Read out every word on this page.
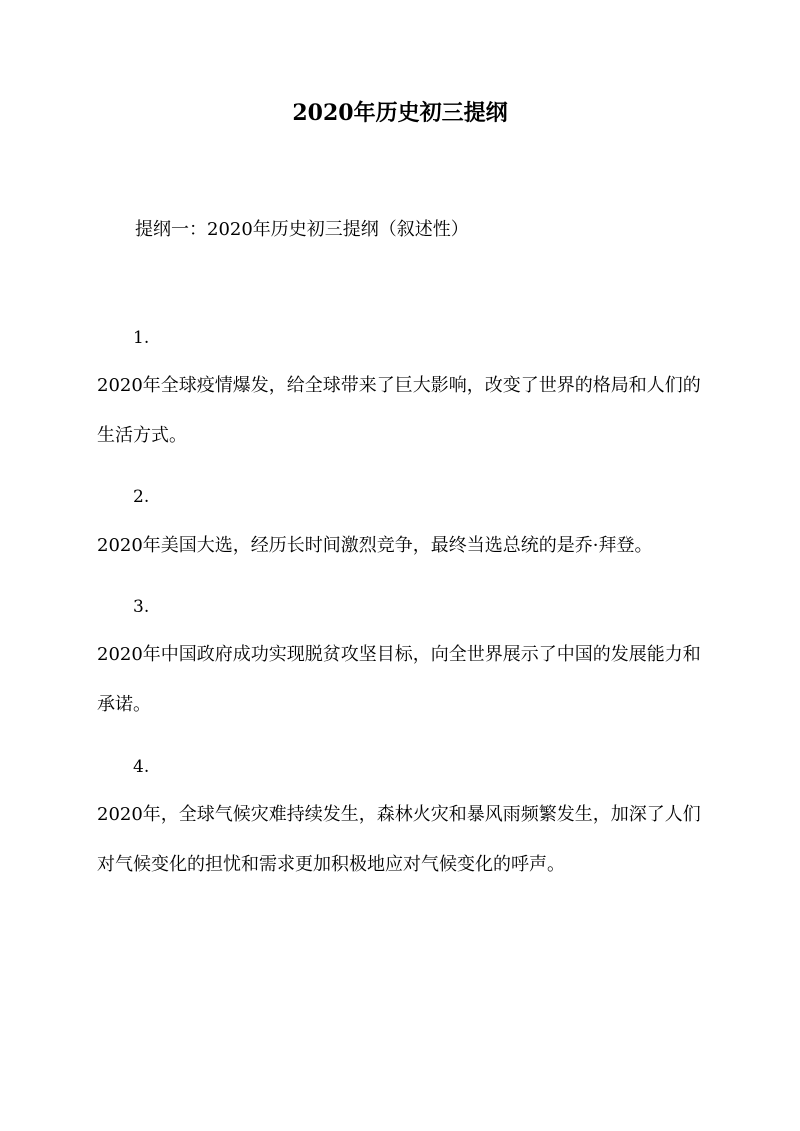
2020年历史初三提纲

提纲一：2020年历史初三提纲（叙述性）

1.

2020年全球疫情爆发，给全球带来了巨大影响，改变了世界的格局和人们的生活方式。

2.

2020年美国大选，经历长时间激烈竞争，最终当选总统的是乔·拜登。

3.

2020年中国政府成功实现脱贫攻坚目标，向全世界展示了中国的发展能力和承诺。

4.

2020年，全球气候灾难持续发生，森林火灾和暴风雨频繁发生，加深了人们对气候变化的担忧和需求更加积极地应对气候变化的呼声。
